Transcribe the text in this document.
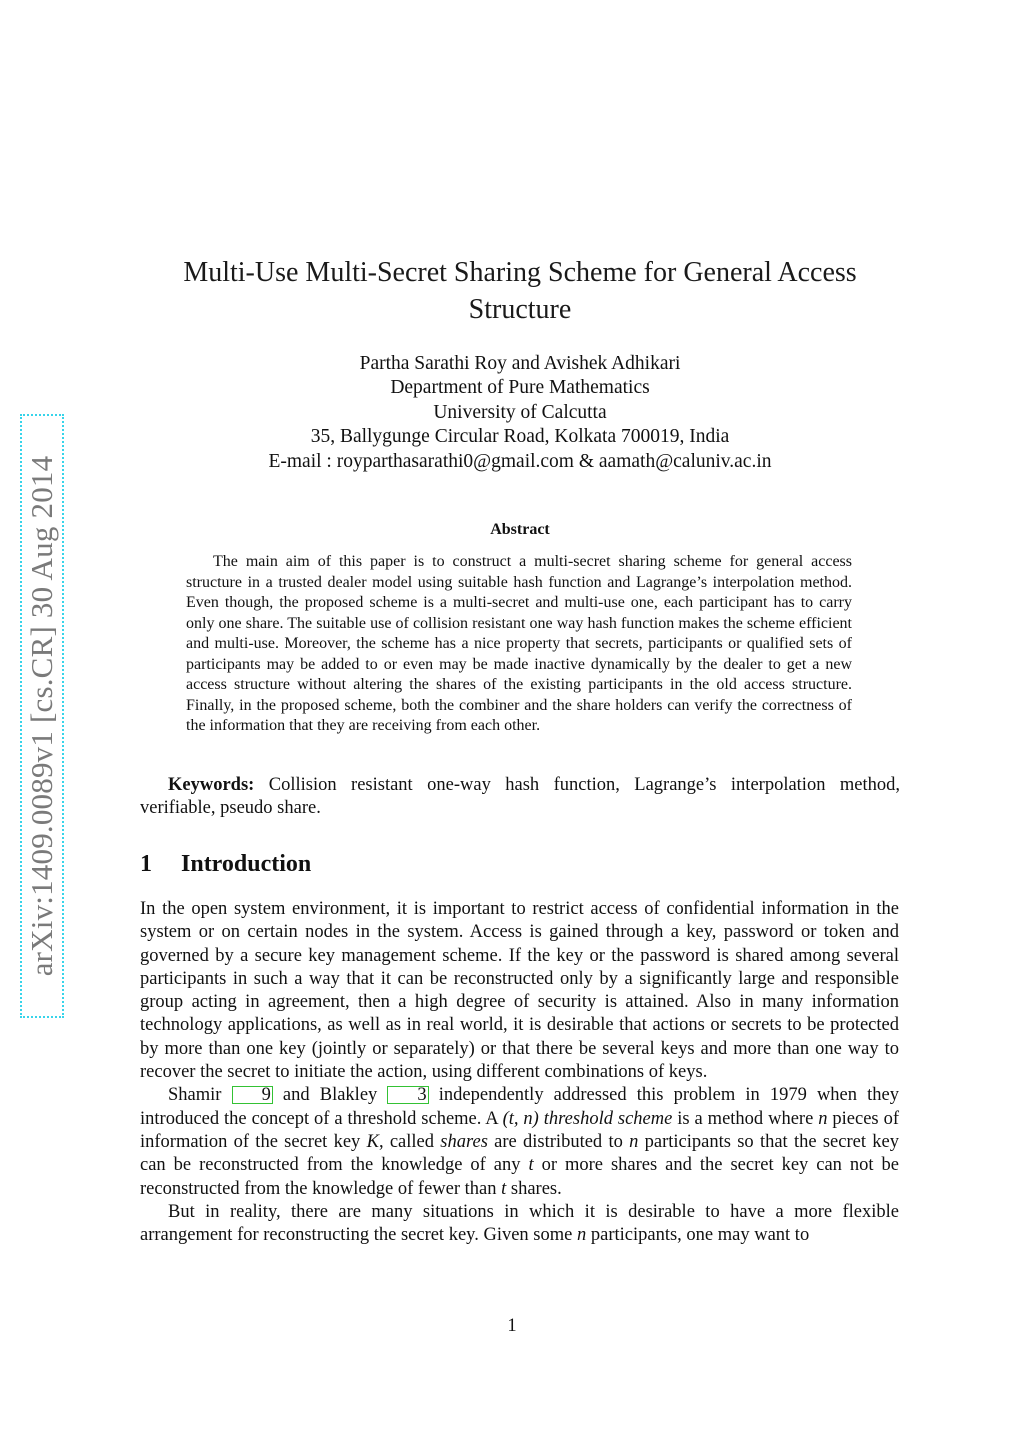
arXiv:1409.0089v1 [cs.CR] 30 Aug 2014
Multi-Use Multi-Secret Sharing Scheme for General Access
Structure
Partha Sarathi Roy and Avishek Adhikari
Department of Pure Mathematics
University of Calcutta
35, Ballygunge Circular Road, Kolkata 700019, India
E-mail : royparthasarathi0@gmail.com & aamath@caluniv.ac.in
Abstract

The main aim of this paper is to construct a multi-secret sharing scheme for general access structure in a trusted dealer model using suitable hash function and Lagrange’s interpolation method. Even though, the proposed scheme is a multi-secret and multi-use one, each participant has to carry only one share. The suitable use of collision resistant one way hash function makes the scheme efficient and multi-use. Moreover, the scheme has a nice property that secrets, participants or qualified sets of participants may be added to or even may be made inactive dynamically by the dealer to get a new access structure without altering the shares of the existing participants in the old access structure. Finally, in the proposed scheme, both the combiner and the share holders can verify the correctness of the information that they are receiving from each other.

Keywords: Collision resistant one-way hash function, Lagrange’s interpolation method, verifiable, pseudo share.

1 Introduction

In the open system environment, it is important to restrict access of confidential information in the system or on certain nodes in the system. Access is gained through a key, password or token and governed by a secure key management scheme. If the key or the password is shared among several participants in such a way that it can be reconstructed only by a significantly large and responsible group acting in agreement, then a high degree of security is attained. Also in many information technology applications, as well as in real world, it is desirable that actions or secrets to be protected by more than one key (jointly or separately) or that there be several keys and more than one way to recover the secret to initiate the action, using different combinations of keys.

Shamir 9 and Blakley 3 independently addressed this problem in 1979 when they introduced the concept of a threshold scheme. A (t, n) threshold scheme is a method where n pieces of information of the secret key K, called shares are distributed to n participants so that the secret key can be reconstructed from the knowledge of any t or more shares and the secret key can not be reconstructed from the knowledge of fewer than t shares.

But in reality, there are many situations in which it is desirable to have a more flexible arrangement for reconstructing the secret key. Given some n participants, one may want to

1
